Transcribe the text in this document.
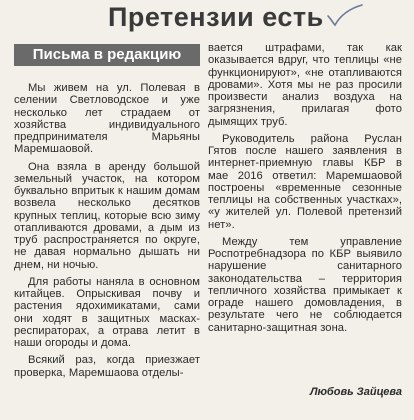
Претензии есть
Письма в редакцию

Мы живем на ул. Полевая в селении Светловодское и уже несколько лет страдаем от хозяйства индивидуального предпринимателя Марьяны Маремшаовой.

Она взяла в аренду большой земельный участок, на котором буквально впритык к нашим домам возвела несколько десятков крупных теплиц, которые всю зиму отапливаются дровами, а дым из труб распространяется по округе, не давая нормально дышать ни днем, ни ночью.

Для работы наняла в основном китайцев. Опрыскивая почву и растения ядохимикатами, сами они ходят в защитных масках-респираторах, а отрава летит в наши огороды и дома.

Всякий раз, когда приезжает проверка, Маремшаова отделы-

вается штрафами, так как оказывается вдруг, что теплицы «не функционируют», «не отапливаются дровами». Хотя мы не раз просили произвести анализ воздуха на загрязнения, прилагая фото дымящих труб.

Руководитель района Руслан Гятов после нашего заявления в интернет-приемную главы КБР в мае 2016 ответил: Маремшаовой построены «временные сезонные теплицы на собственных участках», «у жителей ул. Полевой претензий нет».

Между тем управление Роспотребнадзора по КБР выявило нарушение санитарного законодательства – территория тепличного хозяйства примыкает к ограде нашего домовладения, в результате чего не соблюдается санитарно-защитная зона.

Любовь Зайцева
